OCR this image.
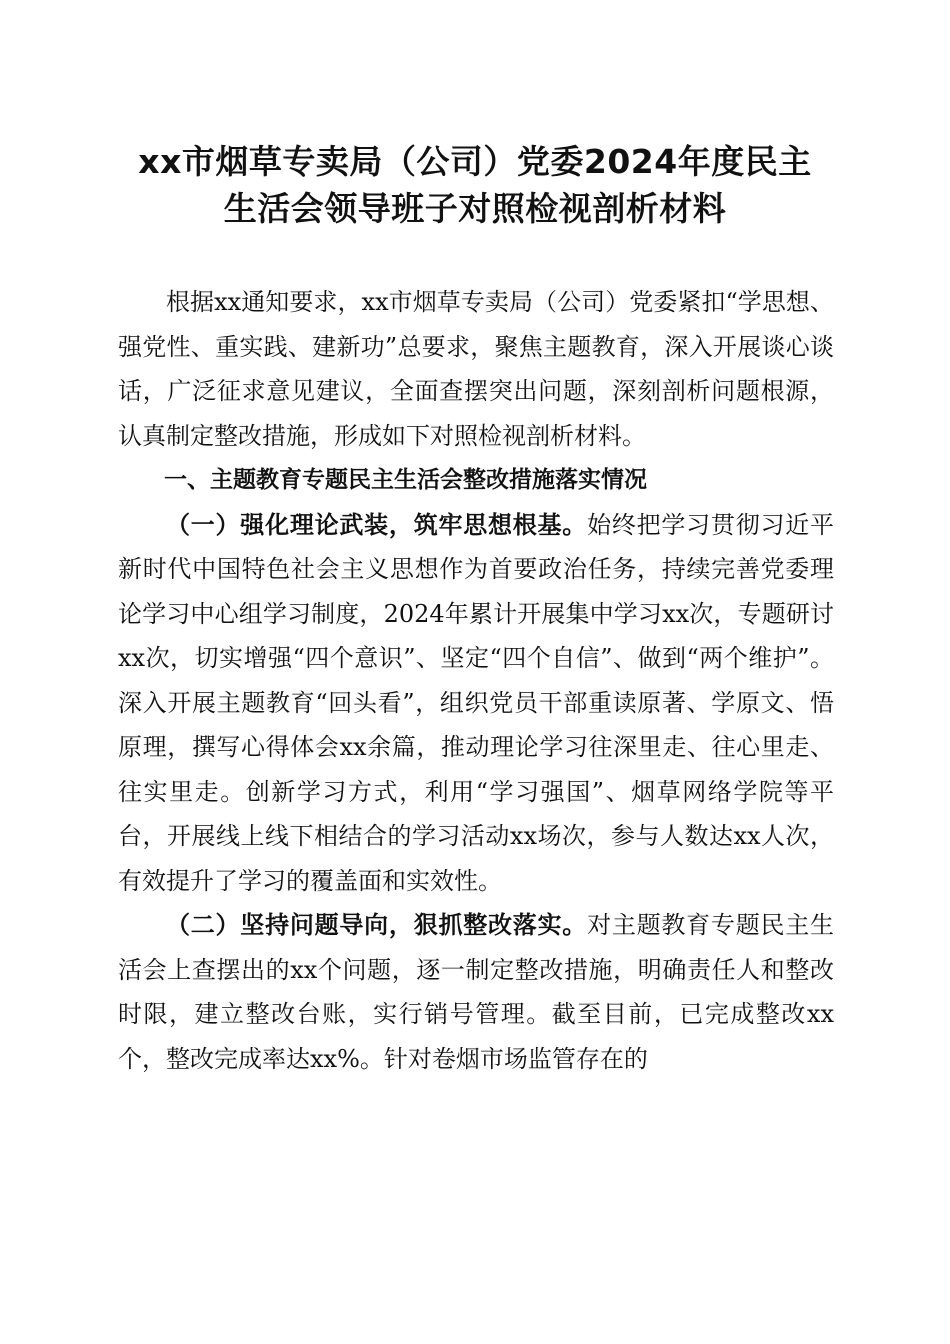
xx市烟草专卖局（公司）党委2024年度民主
生活会领导班子对照检视剖析材料

根据xx通知要求，xx市烟草专卖局（公司）党委紧扣“学思想、强党性、重实践、建新功”总要求，聚焦主题教育，深入开展谈心谈话，广泛征求意见建议，全面查摆突出问题，深刻剖析问题根源，认真制定整改措施，形成如下对照检视剖析材料。

一、主题教育专题民主生活会整改措施落实情况

（一）强化理论武装，筑牢思想根基。始终把学习贯彻习近平新时代中国特色社会主义思想作为首要政治任务，持续完善党委理论学习中心组学习制度，2024年累计开展集中学习xx次，专题研讨xx次，切实增强“四个意识”、坚定“四个自信”、做到“两个维护”。深入开展主题教育“回头看”，组织党员干部重读原著、学原文、悟原理，撰写心得体会xx余篇，推动理论学习往深里走、往心里走、往实里走。创新学习方式，利用“学习强国”、烟草网络学院等平台，开展线上线下相结合的学习活动xx场次，参与人数达xx人次，有效提升了学习的覆盖面和实效性。

（二）坚持问题导向，狠抓整改落实。对主题教育专题民主生活会上查摆出的xx个问题，逐一制定整改措施，明确责任人和整改时限，建立整改台账，实行销号管理。截至目前，已完成整改xx个，整改完成率达xx%。针对卷烟市场监管存在的
